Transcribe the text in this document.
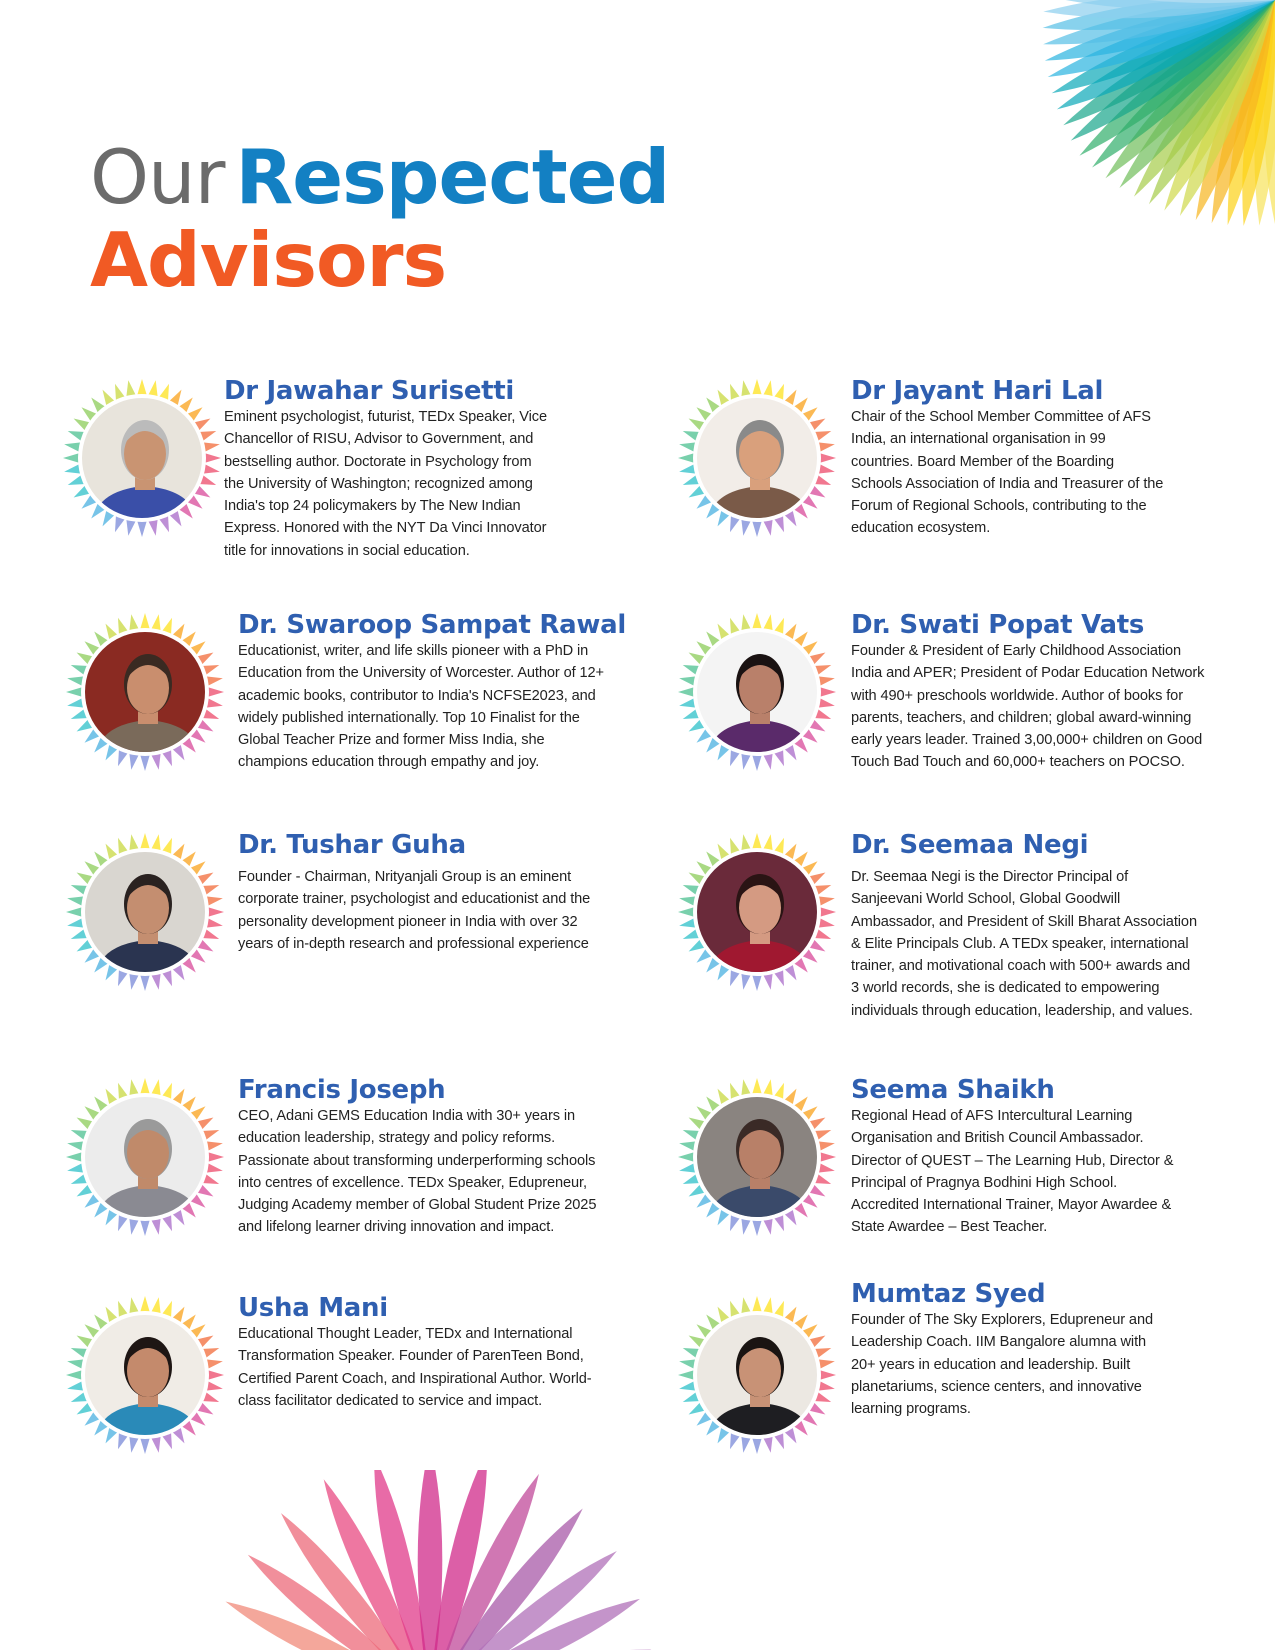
Our Respected
Advisors
Dr Jawahar Surisetti

Eminent psychologist, futurist, TEDx Speaker, Vice Chancellor of RISU, Advisor to Government, and bestselling author. Doctorate in Psychology from the University of Washington; recognized among India's top 24 policymakers by The New Indian Express. Honored with the NYT Da Vinci Innovator title for innovations in social education.

Dr Jayant Hari Lal

Chair of the School Member Committee of AFS India, an international organisation in 99 countries. Board Member of the Boarding Schools Association of India and Treasurer of the Forum of Regional Schools, contributing to the education ecosystem.

Dr. Swaroop Sampat Rawal

Educationist, writer, and life skills pioneer with a PhD in Education from the University of Worcester. Author of 12+ academic books, contributor to India's NCFSE2023, and widely published internationally. Top 10 Finalist for the Global Teacher Prize and former Miss India, she champions education through empathy and joy.

Dr. Swati Popat Vats

Founder & President of Early Childhood Association India and APER; President of Podar Education Network with 490+ preschools worldwide. Author of books for parents, teachers, and children; global award-winning early years leader. Trained 3,00,000+ children on Good Touch Bad Touch and 60,000+ teachers on POCSO.

Dr. Tushar Guha

Founder - Chairman, Nrityanjali Group is an eminent corporate trainer, psychologist and educationist and the personality development pioneer in India with over 32 years of in-depth research and professional experience

Dr. Seemaa Negi

Dr. Seemaa Negi is the Director Principal of Sanjeevani World School, Global Goodwill Ambassador, and President of Skill Bharat Association & Elite Principals Club. A TEDx speaker, international trainer, and motivational coach with 500+ awards and 3 world records, she is dedicated to empowering individuals through education, leadership, and values.

Francis Joseph

CEO, Adani GEMS Education India with 30+ years in education leadership, strategy and policy reforms. Passionate about transforming underperforming schools into centres of excellence. TEDx Speaker, Edupreneur, Judging Academy member of Global Student Prize 2025 and lifelong learner driving innovation and impact.

Seema Shaikh

Regional Head of AFS Intercultural Learning Organisation and British Council Ambassador. Director of QUEST – The Learning Hub, Director & Principal of Pragnya Bodhini High School. Accredited International Trainer, Mayor Awardee & State Awardee – Best Teacher.

Usha Mani

Educational Thought Leader, TEDx and International Transformation Speaker. Founder of ParenTeen Bond, Certified Parent Coach, and Inspirational Author. World-class facilitator dedicated to service and impact.

Mumtaz Syed

Founder of The Sky Explorers, Edupreneur and Leadership Coach. IIM Bangalore alumna with 20+ years in education and leadership. Built planetariums, science centers, and innovative learning programs.
